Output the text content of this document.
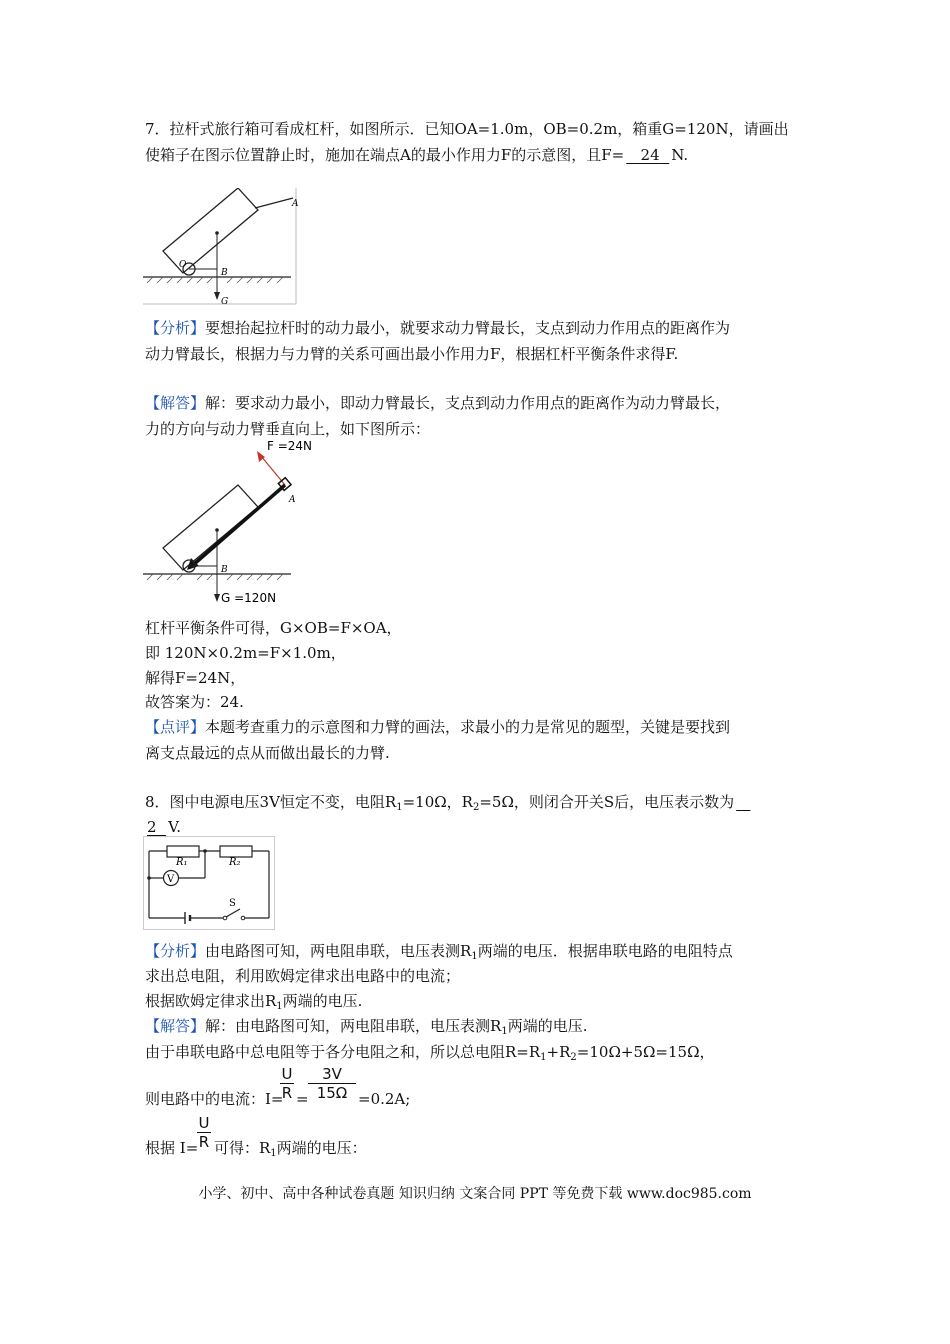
7．拉杆式旅行箱可看成杠杆，如图所示．已知OA=1.0m，OB=0.2m，箱重G=120N，请画出
使箱子在图示位置静止时，施加在端点A的最小作用力F的示意图，且F= 24 N.
A
B
G
O
【分析】要想抬起拉杆时的动力最小，就要求动力臂最长，支点到动力作用点的距离作为
动力臂最长，根据力与力臂的关系可画出最小作用力F，根据杠杆平衡条件求得F.
【解答】解：要求动力最小，即动力臂最长，支点到动力作用点的距离作为动力臂最长，
力的方向与动力臂垂直向上，如下图所示：
F =24N
A
B
G =120N
杠杆平衡条件可得，G×OB=F×OA，
即 120N×0.2m=F×1.0m，
解得F=24N，
故答案为：24.
【点评】本题考查重力的示意图和力臂的画法，求最小的力是常见的题型，关键是要找到
离支点最远的点从而做出最长的力臂.
8．图中电源电压3V恒定不变，电阻$R_1=10\Omega$，$R_2=5\Omega$，则闭合开关S后，电压表示数为
2 V.
R₁	R₂
V
S
【分析】由电路图可知，两电阻串联，电压表测$R_1$两端的电压．根据串联电路的电阻特点
求出总电阻，利用欧姆定律求出电路中的电流；
根据欧姆定律求出$R_1$两端的电压.
【解答】解：由电路图可知，两电阻串联，电压表测$R_1$两端的电压.
由于串联电路中总电阻等于各分电阻之和，所以总电阻$R=R_1+R_2=10\Omega+5\Omega=15\Omega$，
则电路中的电流：I=
$\frac{U}{R} = \frac{3V}{15\Omega} =0.2A$;
根据 I=
$\frac{U}{R}$ 可得：$R_1$两端的电压：
小学、初中、高中各种试卷真题 知识归纳 文案合同 PPT 等免费下载 www.doc985.com
